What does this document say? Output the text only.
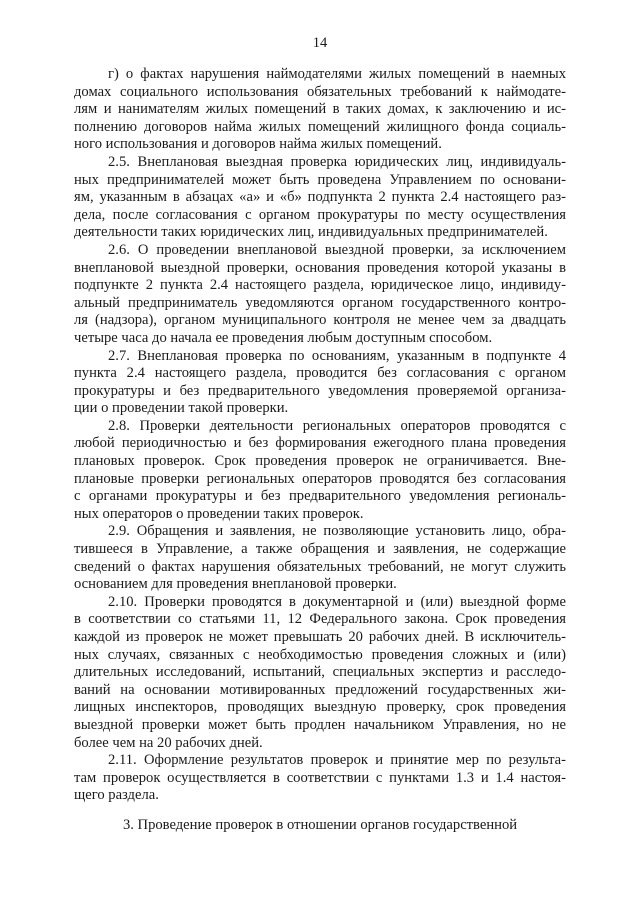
14

г) о фактах нарушения наймодателями жилых помещений в наемных
домах социального использования обязательных требований к наймодате-
лям и нанимателям жилых помещений в таких домах, к заключению и ис-
полнению договоров найма жилых помещений жилищного фонда социаль-
ного использования и договоров найма жилых помещений.

2.5. Внеплановая выездная проверка юридических лиц, индивидуаль-
ных предпринимателей может быть проведена Управлением по основани-
ям, указанным в абзацах «а» и «б» подпункта 2 пункта 2.4 настоящего раз-
дела, после согласования с органом прокуратуры по месту осуществления
деятельности таких юридических лиц, индивидуальных предпринимателей.

2.6. О проведении внеплановой выездной проверки, за исключением
внеплановой выездной проверки, основания проведения которой указаны в
подпункте 2 пункта 2.4 настоящего раздела, юридическое лицо, индивиду-
альный предприниматель уведомляются органом государственного контро-
ля (надзора), органом муниципального контроля не менее чем за двадцать
четыре часа до начала ее проведения любым доступным способом.

2.7. Внеплановая проверка по основаниям, указанным в подпункте 4
пункта 2.4 настоящего раздела, проводится без согласования с органом
прокуратуры и без предварительного уведомления проверяемой организа-
ции о проведении такой проверки.

2.8. Проверки деятельности региональных операторов проводятся с
любой периодичностью и без формирования ежегодного плана проведения
плановых проверок. Срок проведения проверок не ограничивается. Вне-
плановые проверки региональных операторов проводятся без согласования
с органами прокуратуры и без предварительного уведомления региональ-
ных операторов о проведении таких проверок.

2.9. Обращения и заявления, не позволяющие установить лицо, обра-
тившееся в Управление, а также обращения и заявления, не содержащие
сведений о фактах нарушения обязательных требований, не могут служить
основанием для проведения внеплановой проверки.

2.10. Проверки проводятся в документарной и (или) выездной форме
в соответствии со статьями 11, 12 Федерального закона. Срок проведения
каждой из проверок не может превышать 20 рабочих дней. В исключитель-
ных случаях, связанных с необходимостью проведения сложных и (или)
длительных исследований, испытаний, специальных экспертиз и расследо-
ваний на основании мотивированных предложений государственных жи-
лищных инспекторов, проводящих выездную проверку, срок проведения
выездной проверки может быть продлен начальником Управления, но не
более чем на 20 рабочих дней.

2.11. Оформление результатов проверок и принятие мер по результа-
там проверок осуществляется в соответствии с пунктами 1.3 и 1.4 настоя-
щего раздела.

3. Проведение проверок в отношении органов государственной
